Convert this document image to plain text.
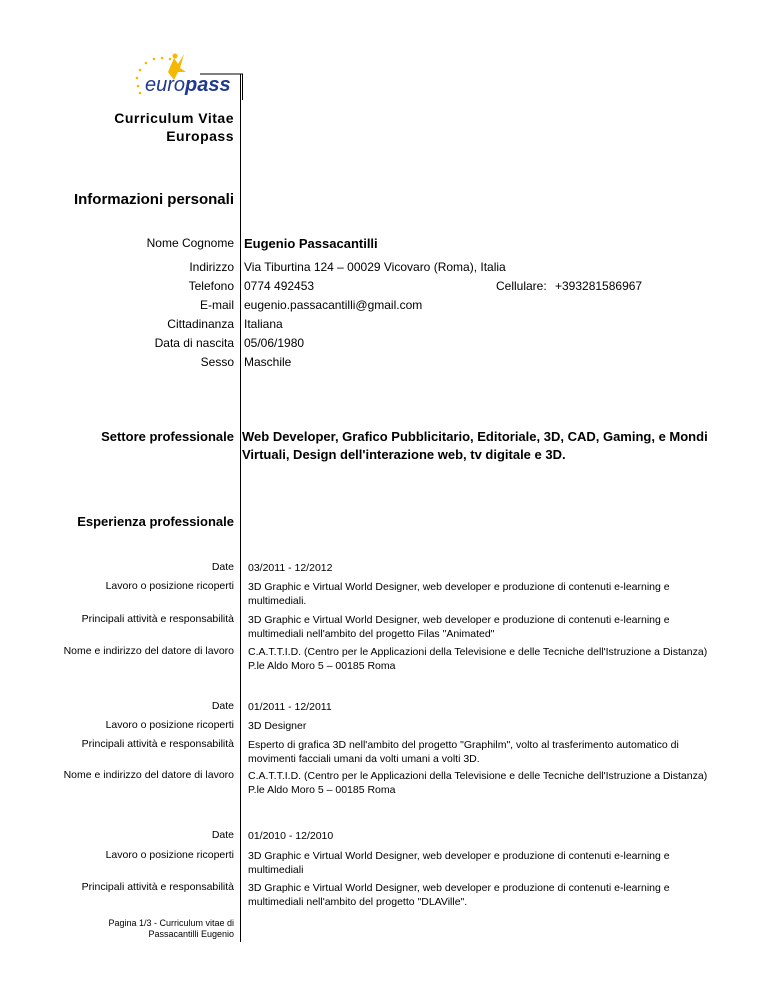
europass
Curriculum Vitae
Europass
Informazioni personali
Nome Cognome Eugenio Passacantilli
Indirizzo Via Tiburtina 124 – 00029 Vicovaro (Roma), Italia
Telefono 0774 492453	Cellulare: +393281586967
E-mail eugenio.passacantilli@gmail.com
Cittadinanza Italiana
Data di nascita 05/06/1980
Sesso Maschile
Settore professionale Web Developer, Grafico Pubblicitario, Editoriale, 3D, CAD, Gaming, e Mondi
Virtuali, Design dell'interazione web, tv digitale e 3D.
Esperienza professionale
Date 03/2011 - 12/2012
Lavoro o posizione ricoperti 3D Graphic e Virtual World Designer, web developer e produzione di contenuti e-learning e multimediali.
Principali attività e responsabilità 3D Graphic e Virtual World Designer, web developer e produzione di contenuti e-learning e multimediali nell'ambito del progetto Filas "Animated"
Nome e indirizzo del datore di lavoro C.A.T.T.I.D. (Centro per le Applicazioni della Televisione e delle Tecniche dell'Istruzione a Distanza)
P.le Aldo Moro 5 – 00185 Roma
Date 01/2011 - 12/2011
Lavoro o posizione ricoperti 3D Designer
Principali attività e responsabilità Esperto di grafica 3D nell'ambito del progetto "Graphilm", volto al trasferimento automatico di movimenti facciali umani da volti umani a volti 3D.
Nome e indirizzo del datore di lavoro C.A.T.T.I.D. (Centro per le Applicazioni della Televisione e delle Tecniche dell'Istruzione a Distanza)
P.le Aldo Moro 5 – 00185 Roma
Date 01/2010 - 12/2010
Lavoro o posizione ricoperti 3D Graphic e Virtual World Designer, web developer e produzione di contenuti e-learning e multimediali
Principali attività e responsabilità 3D Graphic e Virtual World Designer, web developer e produzione di contenuti e-learning e multimediali nell'ambito del progetto "DLAVille".
Pagina 1/3 - Curriculum vitae di
Passacantilli Eugenio
